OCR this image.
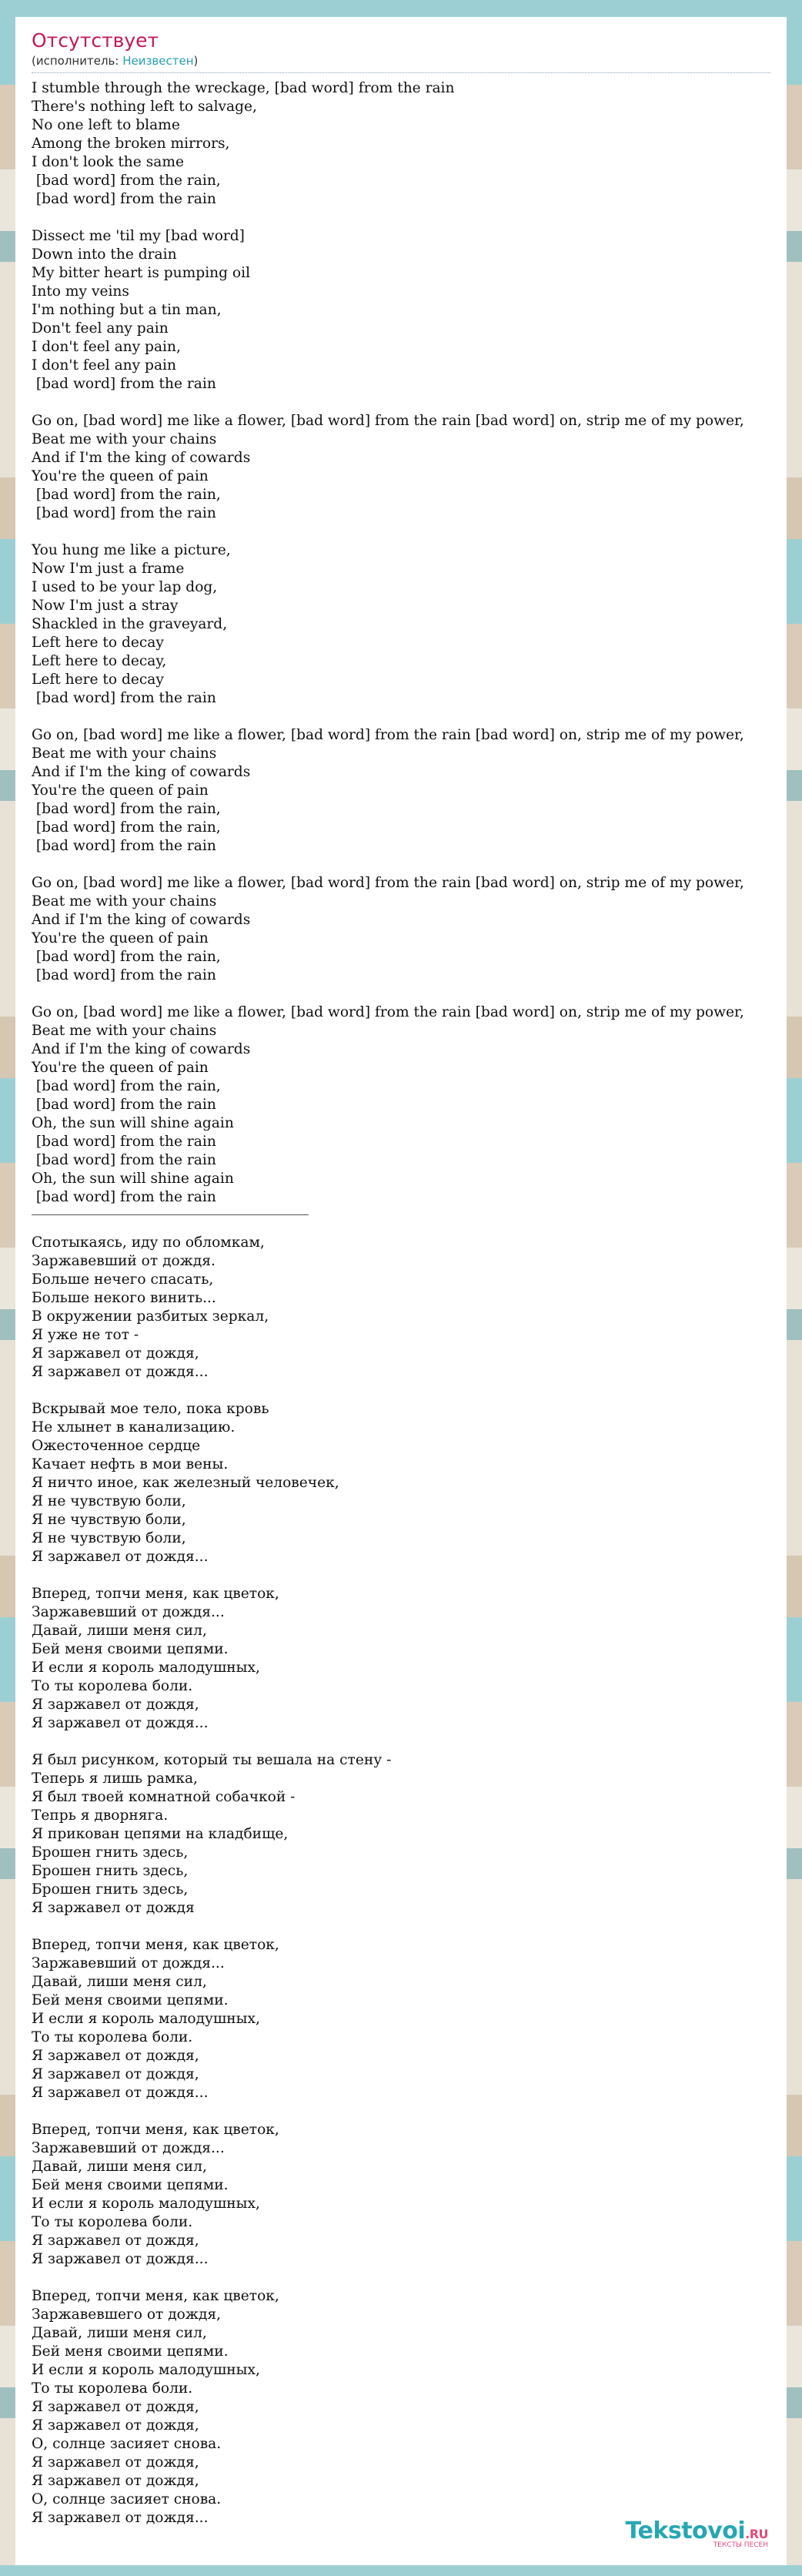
Отсутствует
(исполнитель: Неизвестен)
I stumble through the wreckage, [bad word] from the rain
There's nothing left to salvage,
No one left to blame
Among the broken mirrors,
I don't look the same
[bad word] from the rain,
[bad word] from the rain
Dissect me 'til my [bad word]
Down into the drain
My bitter heart is pumping oil
Into my veins
I'm nothing but a tin man,
Don't feel any pain
I don't feel any pain,
I don't feel any pain
[bad word] from the rain
Go on, [bad word] me like a flower, [bad word] from the rain [bad word] on, strip me of my power,
Beat me with your chains
And if I'm the king of cowards
You're the queen of pain
[bad word] from the rain,
[bad word] from the rain
You hung me like a picture,
Now I'm just a frame
I used to be your lap dog,
Now I'm just a stray
Shackled in the graveyard,
Left here to decay
Left here to decay,
Left here to decay
[bad word] from the rain
Go on, [bad word] me like a flower, [bad word] from the rain [bad word] on, strip me of my power,
Beat me with your chains
And if I'm the king of cowards
You're the queen of pain
[bad word] from the rain,
[bad word] from the rain,
[bad word] from the rain
Go on, [bad word] me like a flower, [bad word] from the rain [bad word] on, strip me of my power,
Beat me with your chains
And if I'm the king of cowards
You're the queen of pain
[bad word] from the rain,
[bad word] from the rain
Go on, [bad word] me like a flower, [bad word] from the rain [bad word] on, strip me of my power,
Beat me with your chains
And if I'm the king of cowards
You're the queen of pain
[bad word] from the rain,
[bad word] from the rain
Oh, the sun will shine again
[bad word] from the rain
[bad word] from the rain
Oh, the sun will shine again
[bad word] from the rain
Спотыкаясь, иду по обломкам,
Заржавевший от дождя.
Больше нечего спасать,
Больше некого винить...
В окружении разбитых зеркал,
Я уже не тот -
Я заржавел от дождя,
Я заржавел от дождя...
Вскрывай мое тело, пока кровь
Не хлынет в канализацию.
Ожесточенное сердце
Качает нефть в мои вены.
Я ничто иное, как железный человечек,
Я не чувствую боли,
Я не чувствую боли,
Я не чувствую боли,
Я заржавел от дождя...
Вперед, топчи меня, как цветок,
Заржавевший от дождя...
Давай, лиши меня сил,
Бей меня своими цепями.
И если я король малодушных,
То ты королева боли.
Я заржавел от дождя,
Я заржавел от дождя...
Я был рисунком, который ты вешала на стену -
Теперь я лишь рамка,
Я был твоей комнатной собачкой -
Тепрь я дворняга.
Я прикован цепями на кладбище,
Брошен гнить здесь,
Брошен гнить здесь,
Брошен гнить здесь,
Я заржавел от дождя
Вперед, топчи меня, как цветок,
Заржавевший от дождя...
Давай, лиши меня сил,
Бей меня своими цепями.
И если я король малодушных,
То ты королева боли.
Я заржавел от дождя,
Я заржавел от дождя,
Я заржавел от дождя...
Вперед, топчи меня, как цветок,
Заржавевший от дождя...
Давай, лиши меня сил,
Бей меня своими цепями.
И если я король малодушных,
То ты королева боли.
Я заржавел от дождя,
Я заржавел от дождя...
Вперед, топчи меня, как цветок,
Заржавевшего от дождя,
Давай, лиши меня сил,
Бей меня своими цепями.
И если я король малодушных,
То ты королева боли.
Я заржавел от дождя,
Я заржавел от дождя,
О, солнце засияет снова.
Я заржавел от дождя,
Я заржавел от дождя,
О, солнце засияет снова.
Я заржавел от дождя...	Tekstovoi.RU
ТЕКСТЫ ПЕСЕН
